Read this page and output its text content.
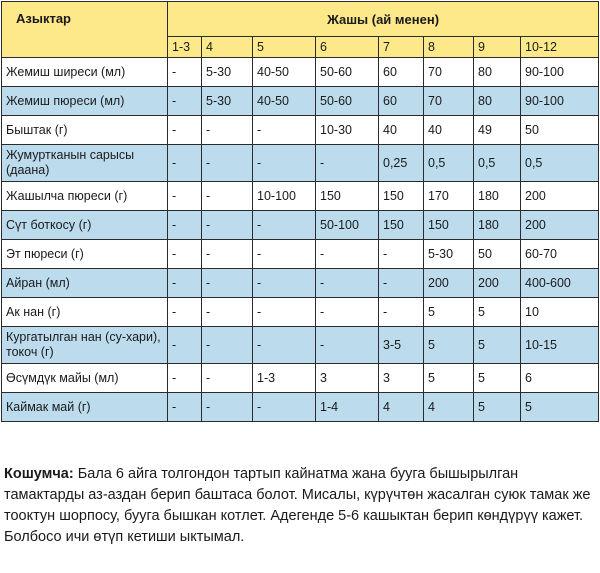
Азыктар	Жашы (ай менен)							
	1-3	4	5	6	7	8	9	10-12
Жемиш ширеси (мл)	-	5-30	40-50	50-60	60	70	80	90-100
Жемиш пюреси (мл)	-	5-30	40-50	50-60	60	70	80	90-100
Быштак (г)	-	-	-	10-30	40	40	49	50
Жумуртканын сарысы (даана)	-	-	-	-	0,25	0,5	0,5	0,5
Жашылча пюреси (г)	-	-	10-100	150	150	170	180	200
Сүт боткосу (г)	-	-	-	50-100	150	150	180	200
Эт пюреси (г)	-	-	-	-	-	5-30	50	60-70
Айран (мл)	-	-	-	-	-	200	200	400-600
Ак нан (г)	-	-	-	-	-	5	5	10
Кургатылган нан (су-хари), токоч (г)	-	-	-	-	3-5	5	5	10-15
Өсүмдүк майы (мл)	-	-	1-3	3	3	5	5	6
Каймак май (г)	-	-	-	1-4	4	4	5	5
Кошумча: Бала 6 айга толгондон тартып кайнатма жана бууга бышырылган тамактарды аз-аздан берип баштаса болот. Мисалы, күрүчтөн жасалган суюк тамак же тооктун шорпосу, бууга бышкан котлет. Адегенде 5-6 кашыктан берип көндүрүү кажет. Болбосо ичи өтүп кетиши ыктымал.
